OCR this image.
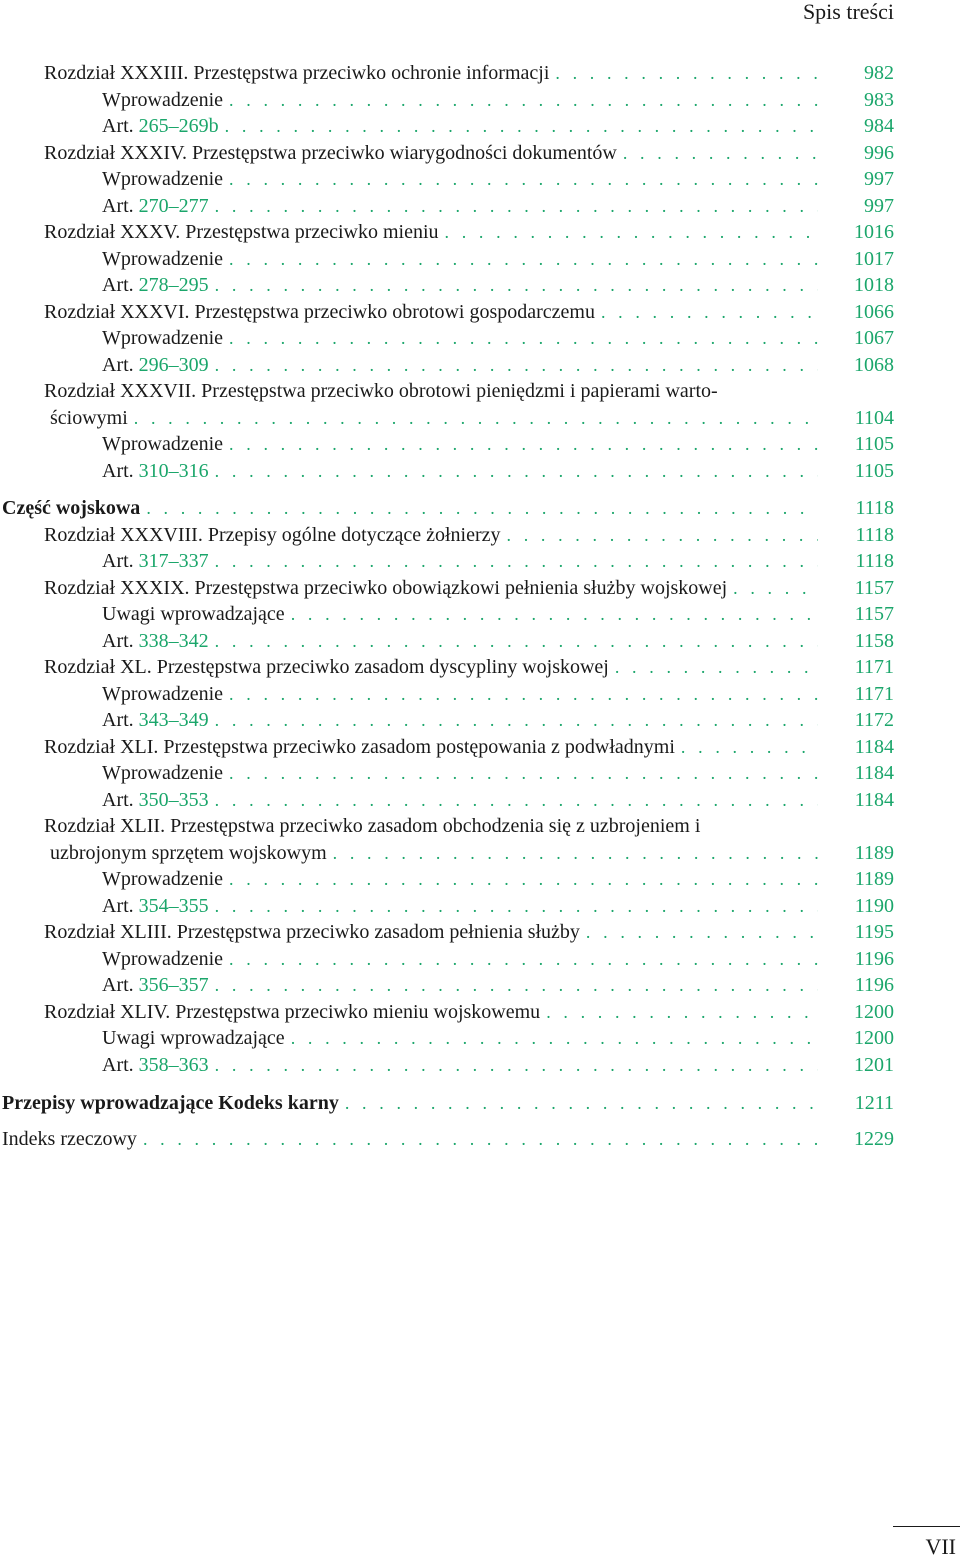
Spis treści
Rozdział XXXIII. Przestępstwa przeciwko ochronie informacji . . .	982
Wprowadzenie . . .	983
Art. 265–269b . . .	984
Rozdział XXXIV. Przestępstwa przeciwko wiarygodności dokumentów . . .	996
Wprowadzenie . . .	997
Art. 270–277 . . .	997
Rozdział XXXV. Przestępstwa przeciwko mieniu . . .	1016
Wprowadzenie . . .	1017
Art. 278–295 . . .	1018
Rozdział XXXVI. Przestępstwa przeciwko obrotowi gospodarczemu . . .	1066
Wprowadzenie . . .	1067
Art. 296–309 . . .	1068
Rozdział XXXVII. Przestępstwa przeciwko obrotowi pieniędzmi i papierami warto-
ściowymi . . .	1104
Wprowadzenie . . .	1105
Art. 310–316 . . .	1105
Część wojskowa . . .	1118
Rozdział XXXVIII. Przepisy ogólne dotyczące żołnierzy . . .	1118
Art. 317–337 . . .	1118
Rozdział XXXIX. Przestępstwa przeciwko obowiązkowi pełnienia służby wojskowej . . .	1157
Uwagi wprowadzające . . .	1157
Art. 338–342 . . .	1158
Rozdział XL. Przestępstwa przeciwko zasadom dyscypliny wojskowej . . .	1171
Wprowadzenie . . .	1171
Art. 343–349 . . .	1172
Rozdział XLI. Przestępstwa przeciwko zasadom postępowania z podwładnymi . . .	1184
Wprowadzenie . . .	1184
Art. 350–353 . . .	1184
Rozdział XLII. Przestępstwa przeciwko zasadom obchodzenia się z uzbrojeniem i
uzbrojonym sprzętem wojskowym . . .	1189
Wprowadzenie . . .	1189
Art. 354–355 . . .	1190
Rozdział XLIII. Przestępstwa przeciwko zasadom pełnienia służby . . .	1195
Wprowadzenie . . .	1196
Art. 356–357 . . .	1196
Rozdział XLIV. Przestępstwa przeciwko mieniu wojskowemu . . .	1200
Uwagi wprowadzające . . .	1200
Art. 358–363 . . .	1201
Przepisy wprowadzające Kodeks karny . . .	1211
Indeks rzeczowy . . .	1229
VII
